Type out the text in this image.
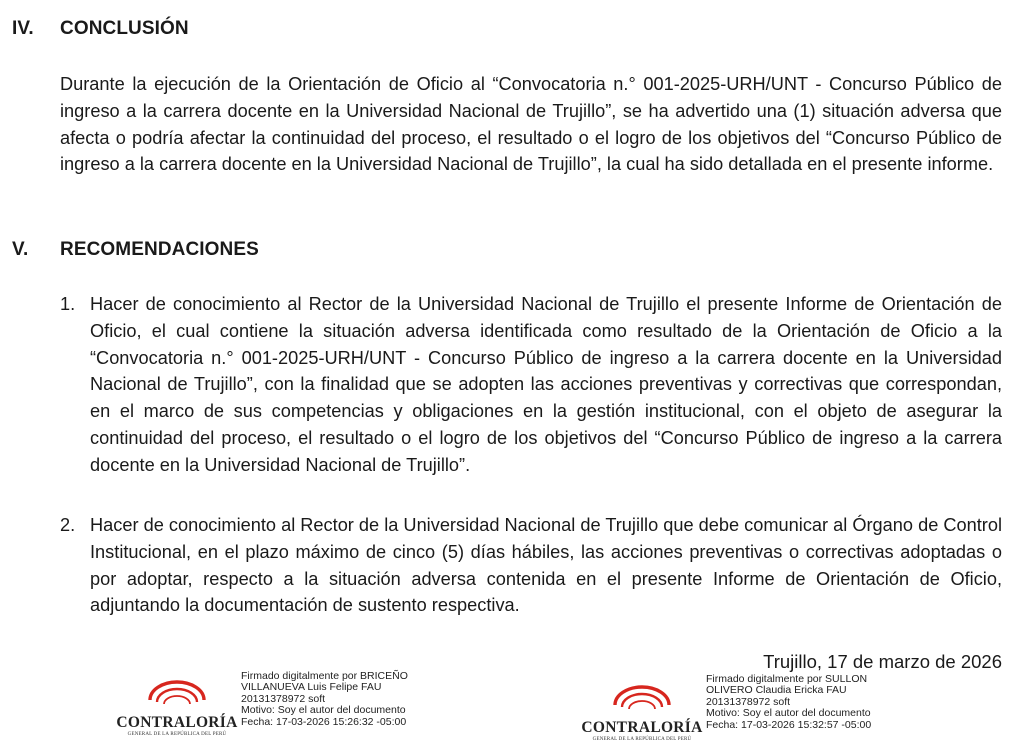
IV. CONCLUSIÓN

Durante la ejecución de la Orientación de Oficio al “Convocatoria n.° 001-2025-URH/UNT - Concurso Público de ingreso a la carrera docente en la Universidad Nacional de Trujillo”, se ha advertido una (1) situación adversa que afecta o podría afectar la continuidad del proceso, el resultado o el logro de los objetivos del “Concurso Público de ingreso a la carrera docente en la Universidad Nacional de Trujillo”, la cual ha sido detallada en el presente informe.

V. RECOMENDACIONES
1. Hacer de conocimiento al Rector de la Universidad Nacional de Trujillo el presente Informe de Orientación de Oficio, el cual contiene la situación adversa identificada como resultado de la Orientación de Oficio a la “Convocatoria n.° 001-2025-URH/UNT - Concurso Público de ingreso a la carrera docente en la Universidad Nacional de Trujillo”, con la finalidad que se adopten las acciones preventivas y correctivas que correspondan, en el marco de sus competencias y obligaciones en la gestión institucional, con el objeto de asegurar la continuidad del proceso, el resultado o el logro de los objetivos del “Concurso Público de ingreso a la carrera docente en la Universidad Nacional de Trujillo”.
2. Hacer de conocimiento al Rector de la Universidad Nacional de Trujillo que debe comunicar al Órgano de Control Institucional, en el plazo máximo de cinco (5) días hábiles, las acciones preventivas o correctivas adoptadas o por adoptar, respecto a la situación adversa contenida en el presente Informe de Orientación de Oficio, adjuntando la documentación de sustento respectiva.
Trujillo, 17 de marzo de 2026
CONTRALORÍA
GENERAL DE LA REPÚBLICA DEL PERÚ
Firmado digitalmente por BRICEÑO
VILLANUEVA Luis Felipe FAU
20131378972 soft
Motivo: Soy el autor del documento
Fecha: 17-03-2026 15:26:32 -05:00	CONTRALORÍA
GENERAL DE LA REPÚBLICA DEL PERÚ
Firmado digitalmente por SULLON
OLIVERO Claudia Ericka FAU
20131378972 soft
Motivo: Soy el autor del documento
Fecha: 17-03-2026 15:32:57 -05:00
